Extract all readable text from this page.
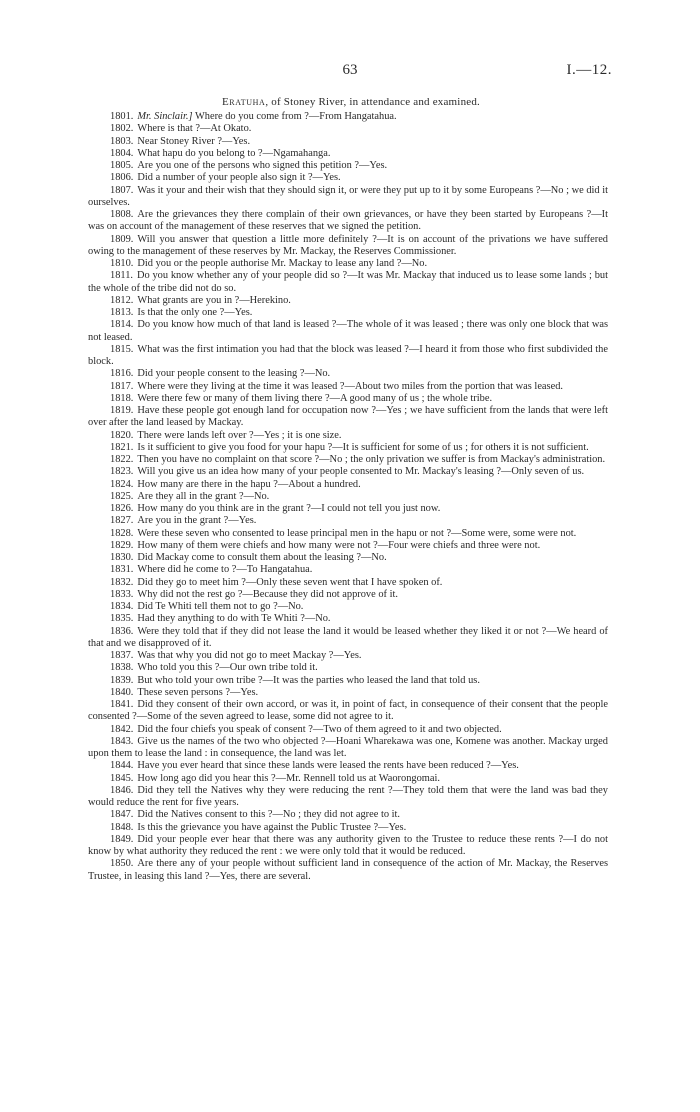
63	I.—12.
Eratuha, of Stoney River, in attendance and examined.

1801. Mr. Sinclair.] Where do you come from ?—From Hangatahua.

1802. Where is that ?—At Okato.

1803. Near Stoney River ?—Yes.

1804. What hapu do you belong to ?—Ngamahanga.

1805. Are you one of the persons who signed this petition ?—Yes.

1806. Did a number of your people also sign it ?—Yes.

1807. Was it your and their wish that they should sign it, or were they put up to it by some Europeans ?—No ; we did it ourselves.

1808. Are the grievances they there complain of their own grievances, or have they been started by Europeans ?—It was on account of the management of these reserves that we signed the petition.

1809. Will you answer that question a little more definitely ?—It is on account of the privations we have suffered owing to the management of these reserves by Mr. Mackay, the Reserves Commissioner.

1810. Did you or the people authorise Mr. Mackay to lease any land ?—No.

1811. Do you know whether any of your people did so ?—It was Mr. Mackay that induced us to lease some lands ; but the whole of the tribe did not do so.

1812. What grants are you in ?—Herekino.

1813. Is that the only one ?—Yes.

1814. Do you know how much of that land is leased ?—The whole of it was leased ; there was only one block that was not leased.

1815. What was the first intimation you had that the block was leased ?—I heard it from those who first subdivided the block.

1816. Did your people consent to the leasing ?—No.

1817. Where were they living at the time it was leased ?—About two miles from the portion that was leased.

1818. Were there few or many of them living there ?—A good many of us ; the whole tribe.

1819. Have these people got enough land for occupation now ?—Yes ; we have sufficient from the lands that were left over after the land leased by Mackay.

1820. There were lands left over ?—Yes ; it is one size.

1821. Is it sufficient to give you food for your hapu ?—It is sufficient for some of us ; for others it is not sufficient.

1822. Then you have no complaint on that score ?—No ; the only privation we suffer is from Mackay's administration.

1823. Will you give us an idea how many of your people consented to Mr. Mackay's leasing ?—Only seven of us.

1824. How many are there in the hapu ?—About a hundred.

1825. Are they all in the grant ?—No.

1826. How many do you think are in the grant ?—I could not tell you just now.

1827. Are you in the grant ?—Yes.

1828. Were these seven who consented to lease principal men in the hapu or not ?—Some were, some were not.

1829. How many of them were chiefs and how many were not ?—Four were chiefs and three were not.

1830. Did Mackay come to consult them about the leasing ?—No.

1831. Where did he come to ?—To Hangatahua.

1832. Did they go to meet him ?—Only these seven went that I have spoken of.

1833. Why did not the rest go ?—Because they did not approve of it.

1834. Did Te Whiti tell them not to go ?—No.

1835. Had they anything to do with Te Whiti ?—No.

1836. Were they told that if they did not lease the land it would be leased whether they liked it or not ?—We heard of that and we disapproved of it.

1837. Was that why you did not go to meet Mackay ?—Yes.

1838. Who told you this ?—Our own tribe told it.

1839. But who told your own tribe ?—It was the parties who leased the land that told us.

1840. These seven persons ?—Yes.

1841. Did they consent of their own accord, or was it, in point of fact, in consequence of their consent that the people consented ?—Some of the seven agreed to lease, some did not agree to it.

1842. Did the four chiefs you speak of consent ?—Two of them agreed to it and two objected.

1843. Give us the names of the two who objected ?—Hoani Wharekawa was one, Komene was another. Mackay urged upon them to lease the land : in consequence, the land was let.

1844. Have you ever heard that since these lands were leased the rents have been reduced ?—Yes.

1845. How long ago did you hear this ?—Mr. Rennell told us at Waorongomai.

1846. Did they tell the Natives why they were reducing the rent ?—They told them that were the land was bad they would reduce the rent for five years.

1847. Did the Natives consent to this ?—No ; they did not agree to it.

1848. Is this the grievance you have against the Public Trustee ?—Yes.

1849. Did your people ever hear that there was any authority given to the Trustee to reduce these rents ?—I do not know by what authority they reduced the rent : we were only told that it would be reduced.

1850. Are there any of your people without sufficient land in consequence of the action of Mr. Mackay, the Reserves Trustee, in leasing this land ?—Yes, there are several.
